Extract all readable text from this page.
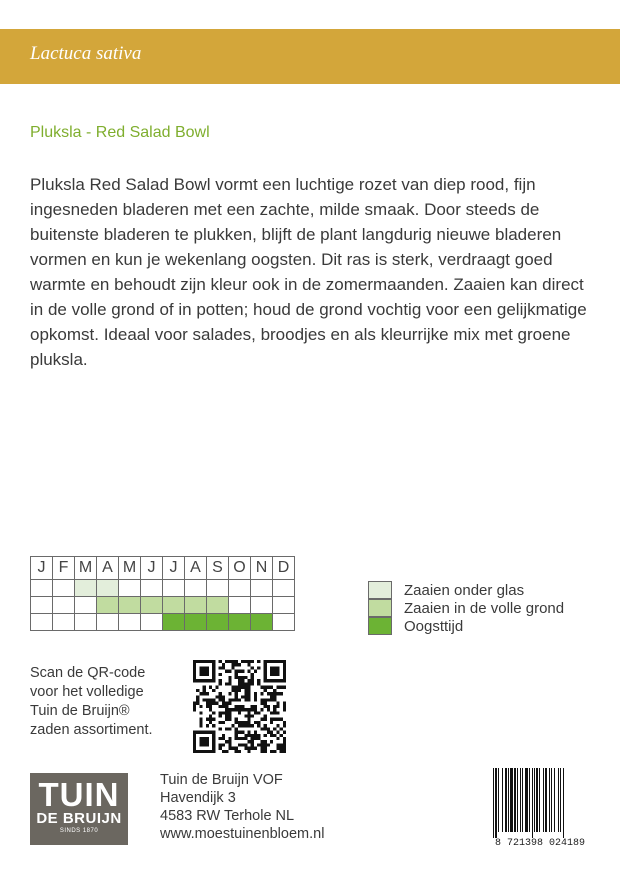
Lactuca sativa
Pluksla - Red Salad Bowl
Pluksla Red Salad Bowl vormt een luchtige rozet van diep rood, fijn ingesneden bladeren met een zachte, milde smaak. Door steeds de buitenste bladeren te plukken, blijft de plant langdurig nieuwe bladeren vormen en kun je wekenlang oogsten. Dit ras is sterk, verdraagt goed warmte en behoudt zijn kleur ook in de zomermaanden. Zaaien kan direct in de volle grond of in potten; houd de grond vochtig voor een gelijkmatige opkomst. Ideaal voor salades, broodjes en als kleurrijke mix met groene pluksla.
J	F	M	A	M	J	J	A	S	O	N	D

Zaaien onder glas
Zaaien in de volle grond
Oogsttijd
Scan de QR-code
voor het volledige
Tuin de Bruijn®
zaden assortiment.
TUIN
DE BRUIJN
SINDS 1870
Tuin de Bruijn VOF
Havendijk 3
4583 RW Terhole NL
www.moestuinenbloem.nl
8 721398 024189
